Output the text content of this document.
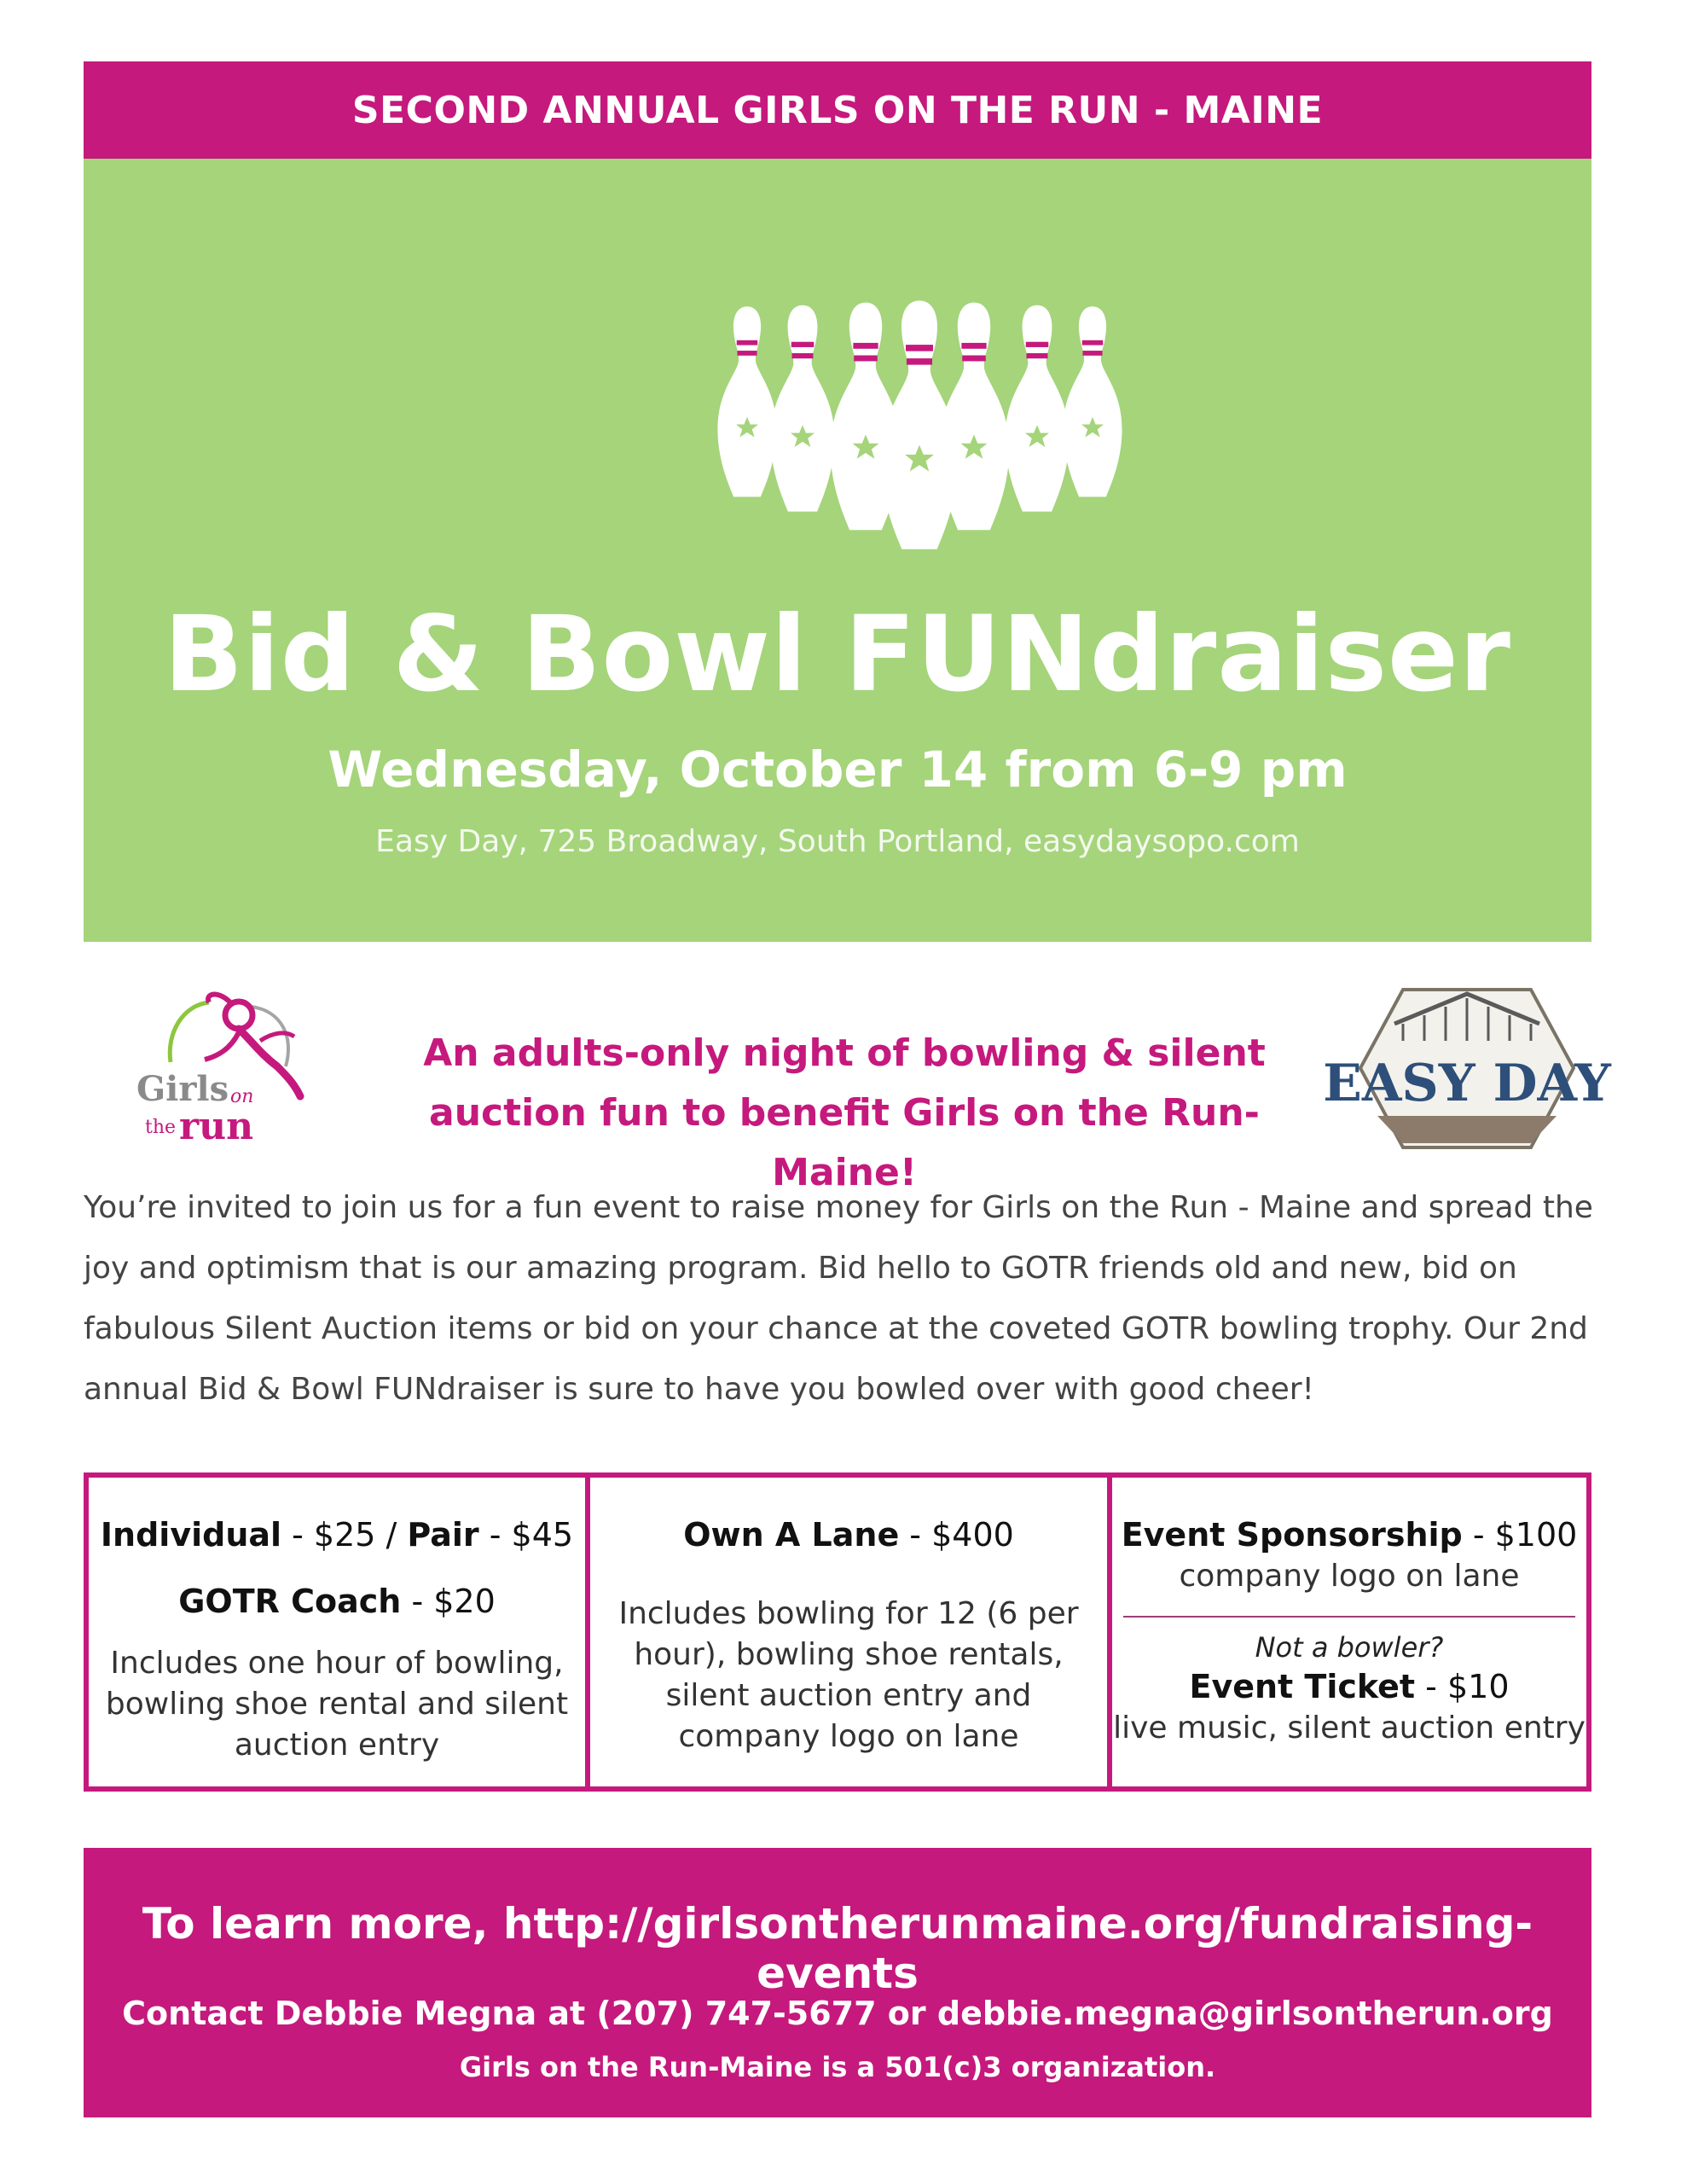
SECOND ANNUAL GIRLS ON THE RUN - MAINE
Bid & Bowl FUNdraiser
Wednesday, October 14 from 6-9 pm
Easy Day, 725 Broadway, South Portland, easydaysopo.com
Girls on
the run
An adults-only night of bowling & silent
auction fun to benefit Girls on the Run-Maine!
EASY DAY
You’re invited to join us for a fun event to raise money for Girls on the Run - Maine and spread the joy and optimism that is our amazing program. Bid hello to GOTR friends old and new, bid on fabulous Silent Auction items or bid on your chance at the coveted GOTR bowling trophy. Our 2nd annual Bid & Bowl FUNdraiser is sure to have you bowled over with good cheer!
Individual - $25 / Pair - $45
GOTR Coach - $20
Includes one hour of bowling, bowling shoe rental and silent auction entry
Own A Lane - $400
Includes bowling for 12 (6 per hour), bowling shoe rentals, silent auction entry and company logo on lane
Event Sponsorship - $100
company logo on lane
Not a bowler?
Event Ticket - $10
live music, silent auction entry
To learn more, http://girlsontherunmaine.org/fundraising-events
Contact Debbie Megna at (207) 747-5677 or debbie.megna@girlsontherun.org
Girls on the Run-Maine is a 501(c)3 organization.
